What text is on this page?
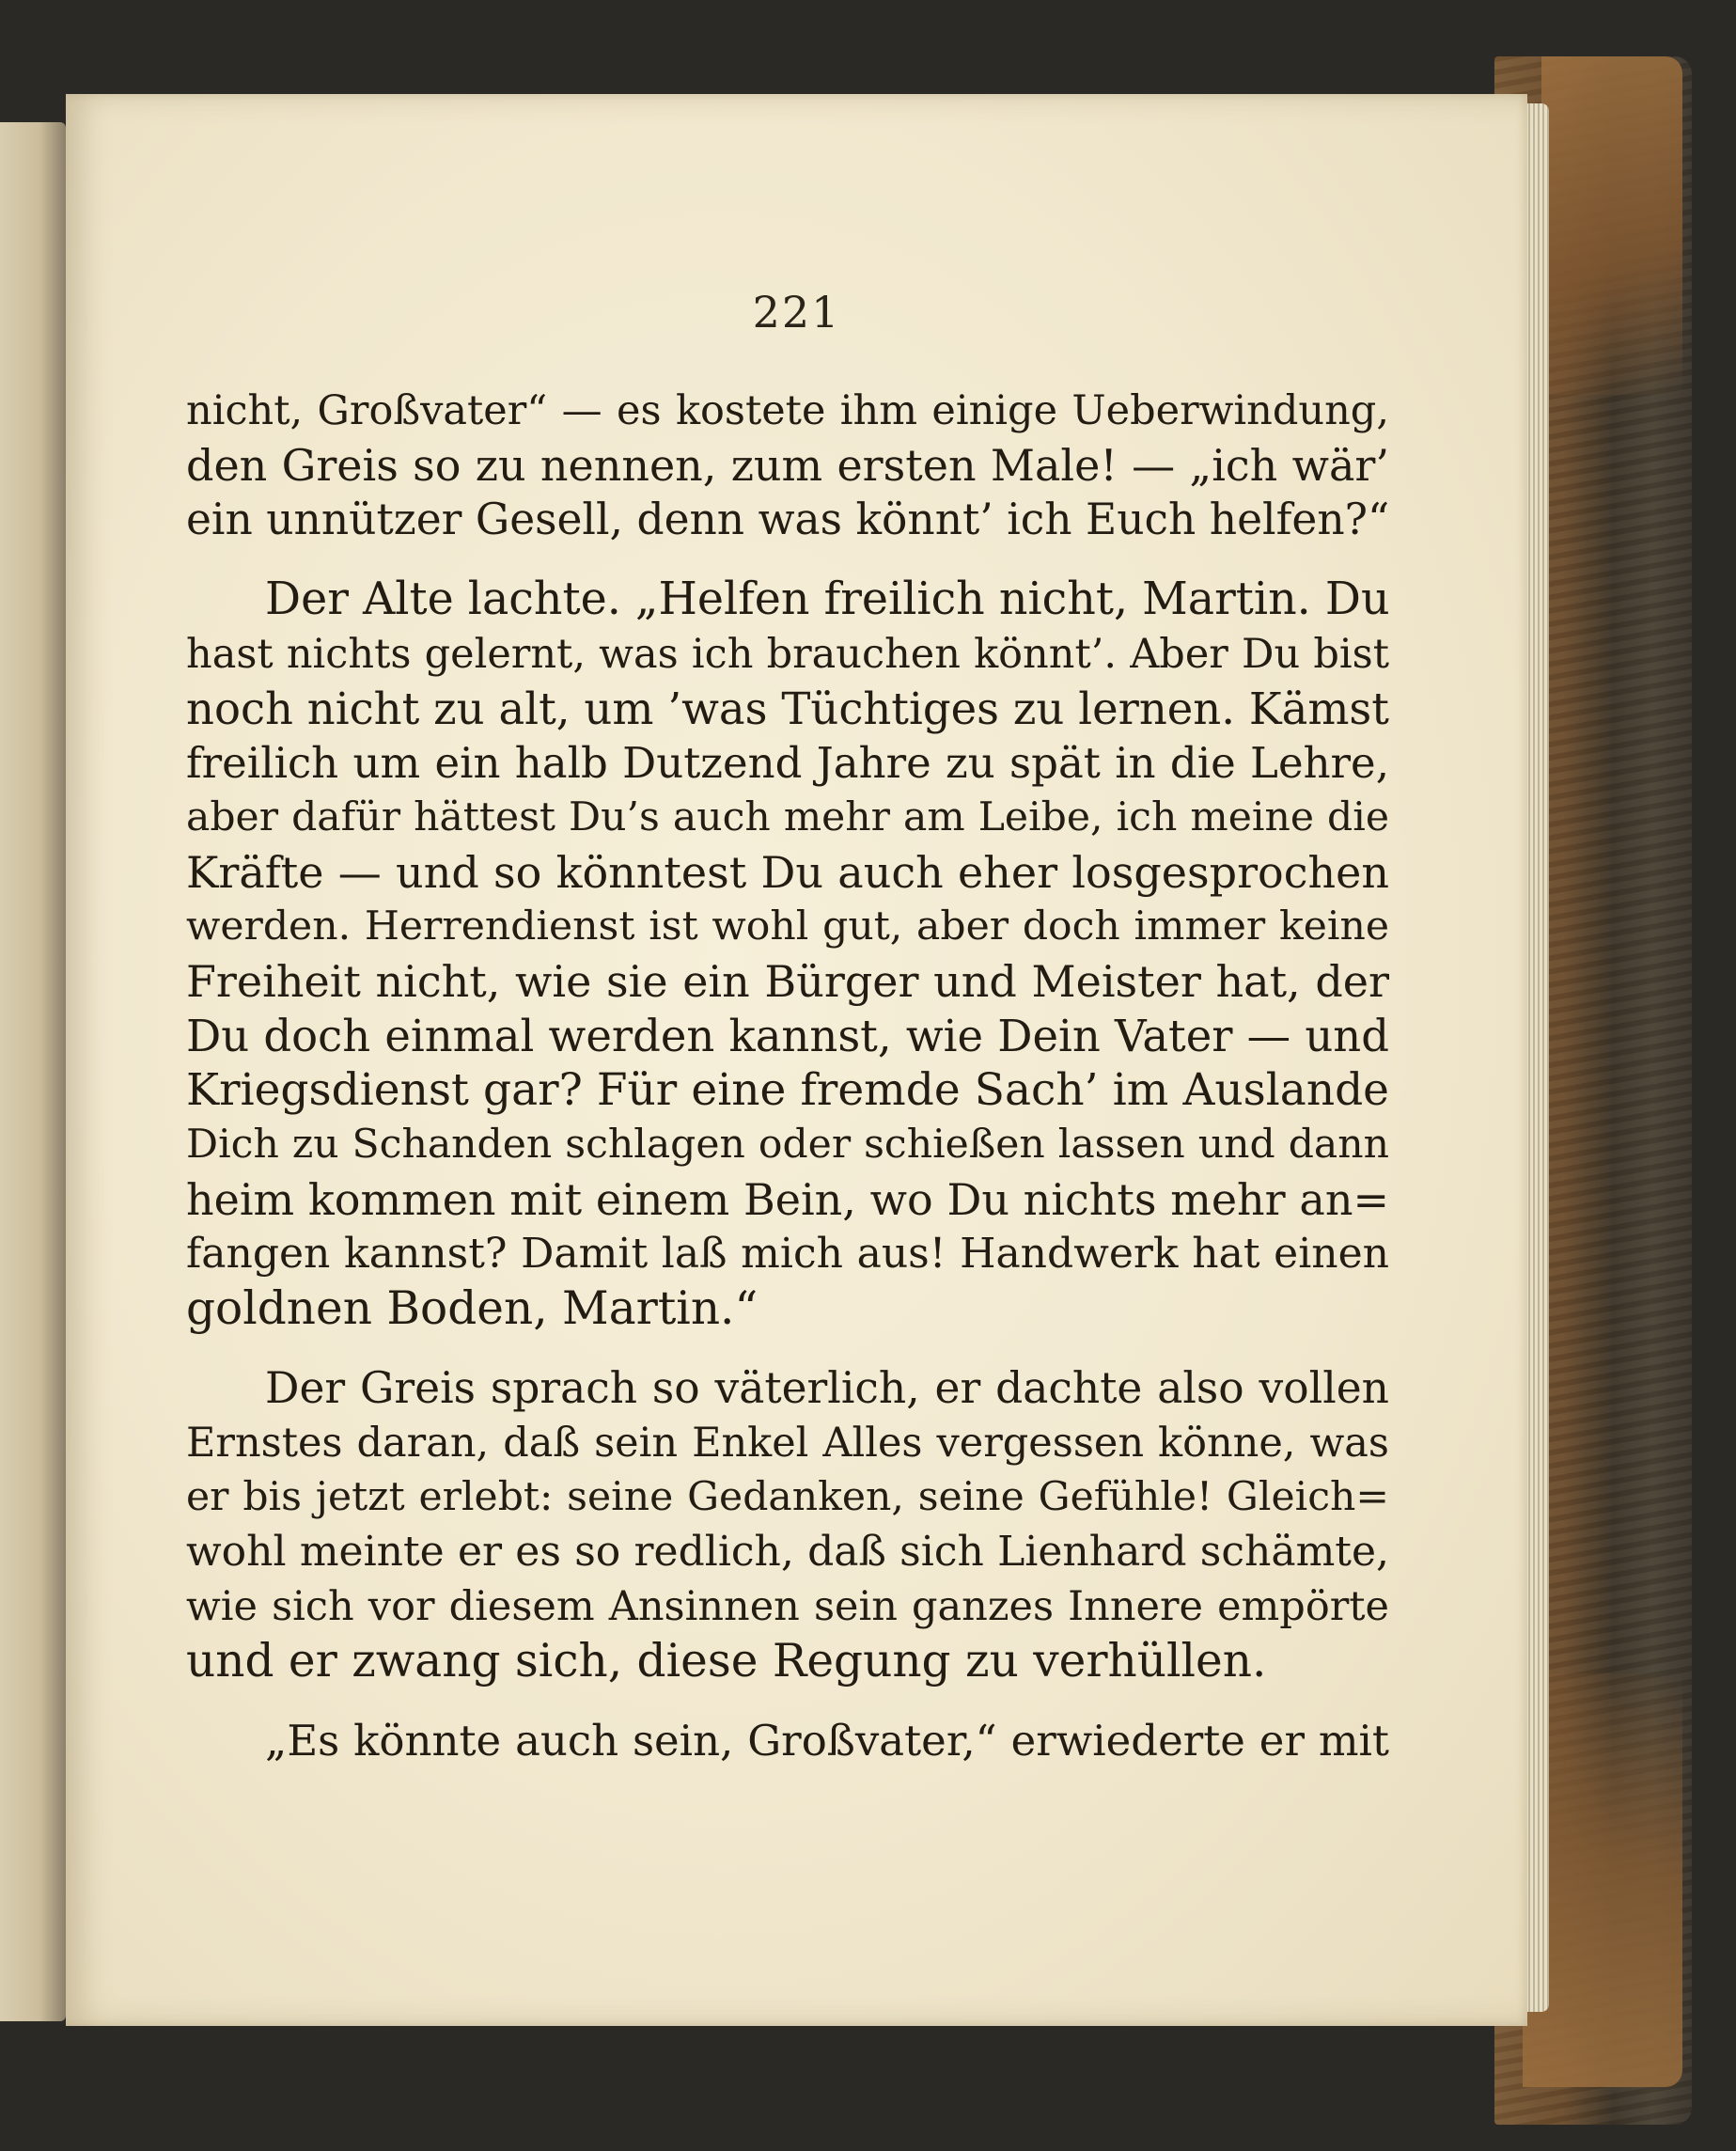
221
nicht, Großvater“ — es kostete ihm einige Ueberwindung,
den Greis so zu nennen, zum ersten Male! — „ich wär’
ein unnützer Gesell, denn was könnt’ ich Euch helfen?“
Der Alte lachte. „Helfen freilich nicht, Martin. Du
hast nichts gelernt, was ich brauchen könnt’. Aber Du bist
noch nicht zu alt, um ’was Tüchtiges zu lernen. Kämst
freilich um ein halb Dutzend Jahre zu spät in die Lehre,
aber dafür hättest Du’s auch mehr am Leibe, ich meine die
Kräfte — und so könntest Du auch eher losgesprochen
werden. Herrendienst ist wohl gut, aber doch immer keine
Freiheit nicht, wie sie ein Bürger und Meister hat, der
Du doch einmal werden kannst, wie Dein Vater — und
Kriegsdienst gar? Für eine fremde Sach’ im Auslande
Dich zu Schanden schlagen oder schießen lassen und dann
heim kommen mit einem Bein, wo Du nichts mehr an=
fangen kannst? Damit laß mich aus! Handwerk hat einen
goldnen Boden, Martin.“
Der Greis sprach so väterlich, er dachte also vollen
Ernstes daran, daß sein Enkel Alles vergessen könne, was
er bis jetzt erlebt: seine Gedanken, seine Gefühle! Gleich=
wohl meinte er es so redlich, daß sich Lienhard schämte,
wie sich vor diesem Ansinnen sein ganzes Innere empörte
und er zwang sich, diese Regung zu verhüllen.
„Es könnte auch sein, Großvater,“ erwiederte er mit
